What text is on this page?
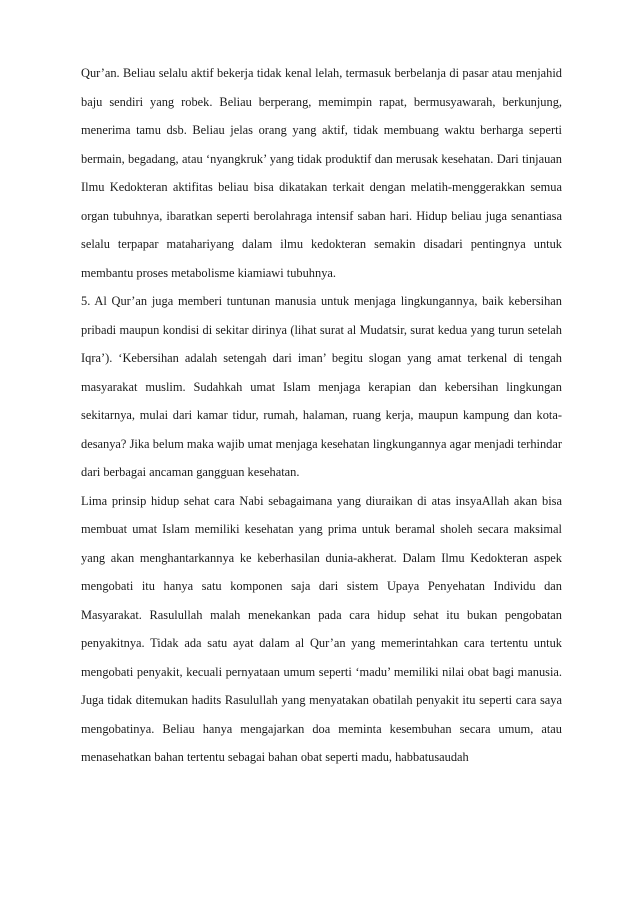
Qur’an. Beliau selalu aktif bekerja tidak kenal lelah, termasuk berbelanja di pasar atau menjahid baju sendiri yang robek. Beliau berperang, memimpin rapat, bermusyawarah, berkunjung, menerima tamu dsb. Beliau jelas orang yang aktif, tidak membuang waktu berharga seperti bermain, begadang, atau ‘nyangkruk’ yang tidak produktif dan merusak kesehatan. Dari tinjauan Ilmu Kedokteran aktifitas beliau bisa dikatakan terkait dengan melatih-menggerakkan semua organ tubuhnya, ibaratkan seperti berolahraga intensif saban hari. Hidup beliau juga senantiasa selalu terpapar mataharіyang dalam ilmu kedokteran semakin disadari pentingnya untuk membantu proses metabolisme kiamiawi tubuhnya.

5. Al Qur’an juga memberi tuntunan manusia untuk menjaga lingkungannya, baik kebersihan pribadi maupun kondisi di sekitar dirinya (lihat surat al Mudatsir, surat kedua yang turun setelah Iqra’). ‘Kebersihan adalah setengah dari iman’ begitu slogan yang amat terkenal di tengah masyarakat muslim. Sudahkah umat Islam menjaga kerapian dan kebersihan lingkungan sekitarnya, mulai dari kamar tidur, rumah, halaman, ruang kerja, maupun kampung dan kota-desanya? Jika belum maka wajib umat menjaga kesehatan lingkungannya agar menjadi terhindar dari berbagai ancaman gangguan kesehatan.

Lima prinsip hidup sehat cara Nabi sebagaimana yang diuraikan di atas insyaAllah akan bisa membuat umat Islam memiliki kesehatan yang prima untuk beramal sholeh secara maksimal yang akan menghantarkannya ke keberhasilan dunia-akherat. Dalam Ilmu Kedokteran aspek mengobati itu hanya satu komponen saja dari sistem Upaya Penyehatan Individu dan Masyarakat. Rasulullah malah menekankan pada cara hidup sehat itu bukan pengobatan penyakitnya. Tidak ada satu ayat dalam al Qur’an yang memerintahkan cara tertentu untuk mengobati penyakit, kecuali pernyataan umum seperti ‘madu’ memiliki nilai obat bagi manusia. Juga tidak ditemukan hadits Rasulullah yang menyatakan obatilah penyakit itu seperti cara saya mengobatinya. Beliau hanya mengajarkan doa meminta kesembuhan secara umum, atau menasehatkan bahan tertentu sebagai bahan obat seperti madu, habbatusaudah
